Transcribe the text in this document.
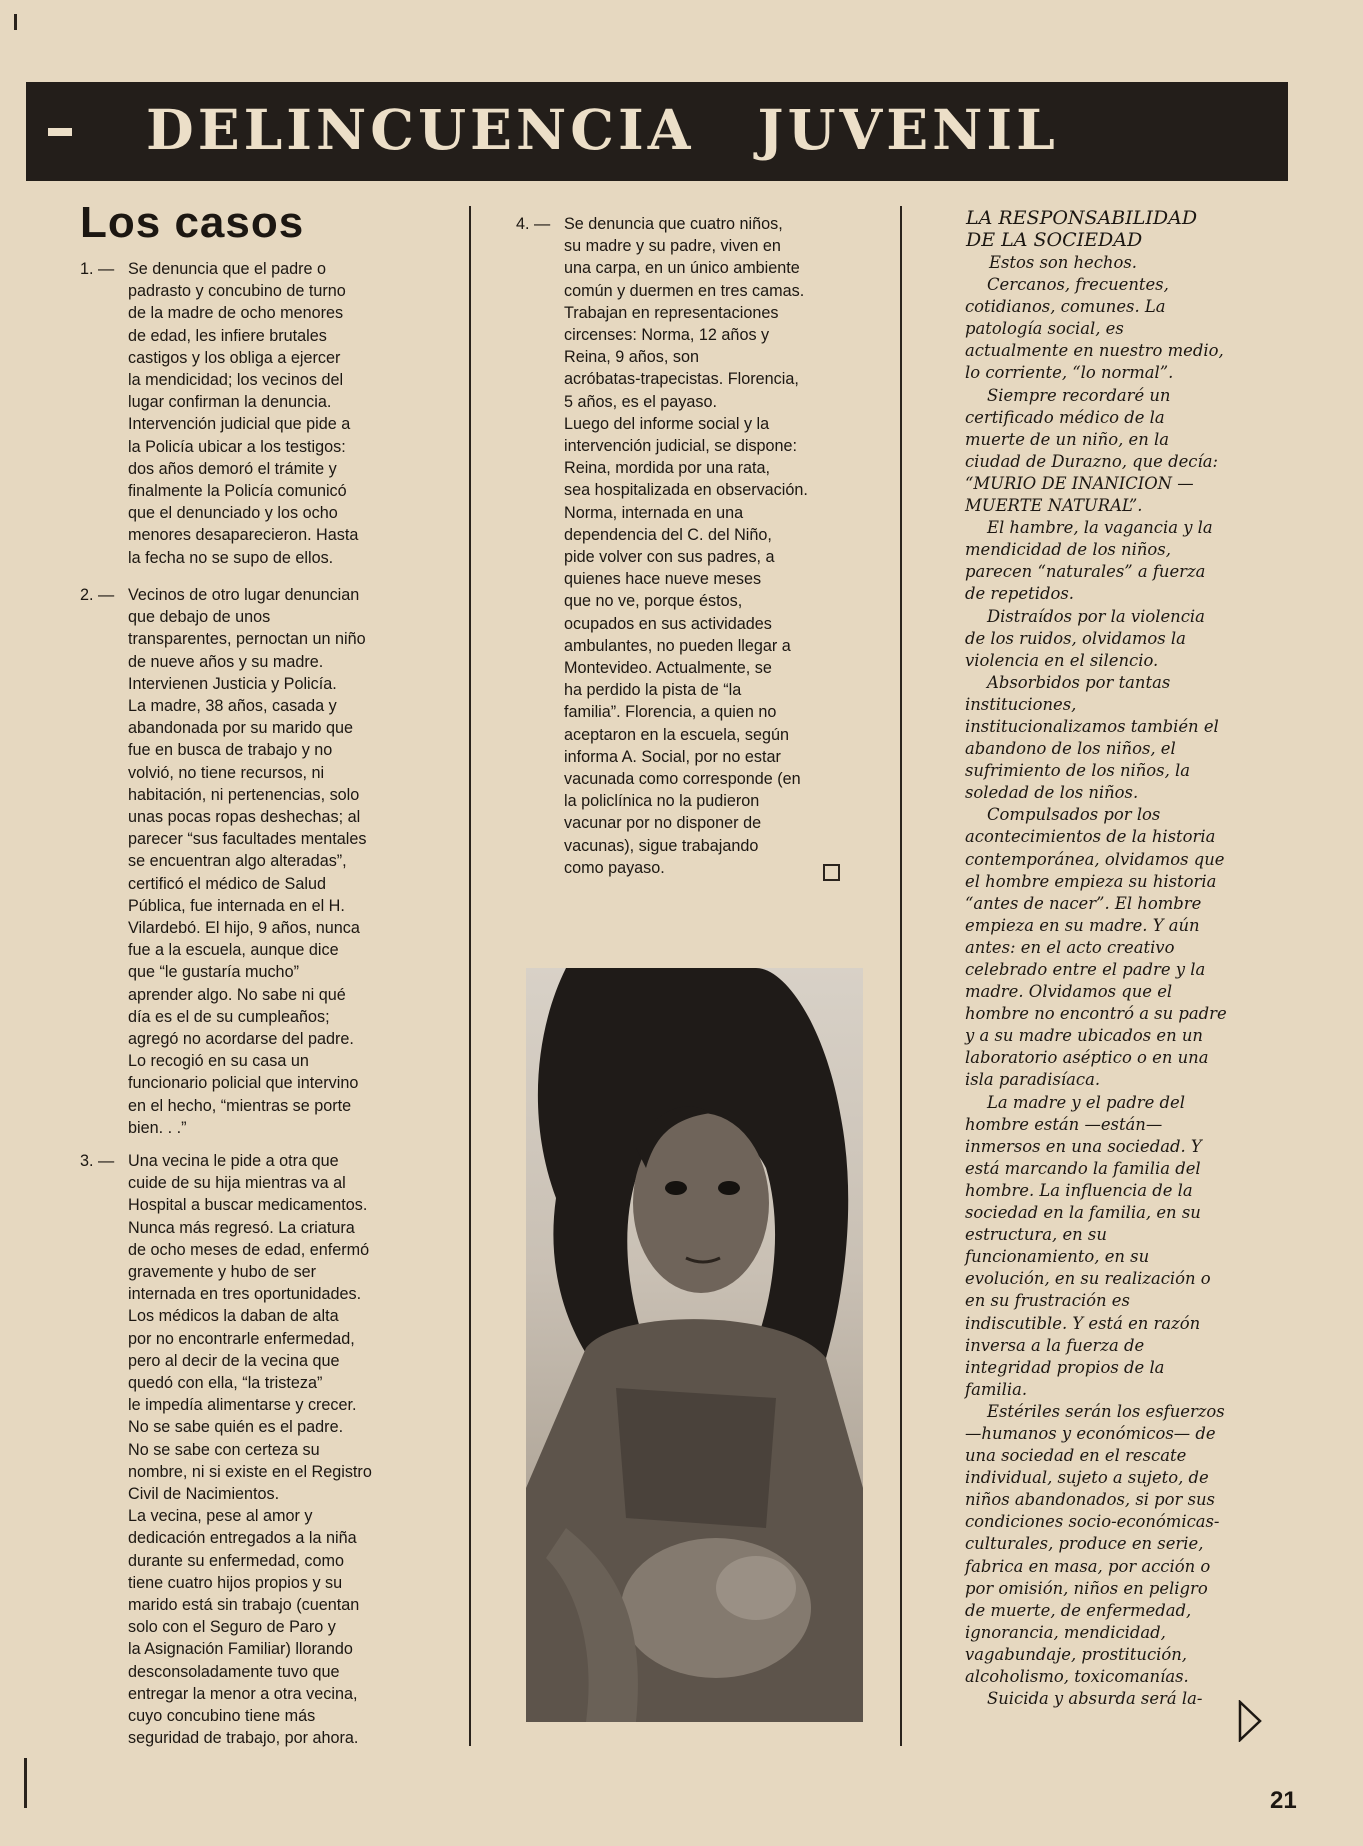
DELINCUENCIA JUVENIL
Los casos
1. — Se denuncia que el padre o
padrasto y concubino de turno
de la madre de ocho menores
de edad, les infiere brutales
castigos y los obliga a ejercer
la mendicidad; los vecinos del
lugar confirman la denuncia.
Intervención judicial que pide a
la Policía ubicar a los testigos:
dos años demoró el trámite y
finalmente la Policía comunicó
que el denunciado y los ocho
menores desaparecieron. Hasta
la fecha no se supo de ellos.
2. — Vecinos de otro lugar denuncian
que debajo de unos
transparentes, pernoctan un niño
de nueve años y su madre.
Intervienen Justicia y Policía.
La madre, 38 años, casada y
abandonada por su marido que
fue en busca de trabajo y no
volvió, no tiene recursos, ni
habitación, ni pertenencias, solo
unas pocas ropas deshechas; al
parecer “sus facultades mentales
se encuentran algo alteradas”,
certificó el médico de Salud
Pública, fue internada en el H.
Vilardebó. El hijo, 9 años, nunca
fue a la escuela, aunque dice
que “le gustaría mucho”
aprender algo. No sabe ni qué
día es el de su cumpleaños;
agregó no acordarse del padre.
Lo recogió en su casa un
funcionario policial que intervino
en el hecho, “mientras se porte
bien. . .”
3. — Una vecina le pide a otra que
cuide de su hija mientras va al
Hospital a buscar medicamentos.
Nunca más regresó. La criatura
de ocho meses de edad, enfermó
gravemente y hubo de ser
internada en tres oportunidades.
Los médicos la daban de alta
por no encontrarle enfermedad,
pero al decir de la vecina que
quedó con ella, “la tristeza”
le impedía alimentarse y crecer.
No se sabe quién es el padre.
No se sabe con certeza su
nombre, ni si existe en el Registro
Civil de Nacimientos.
La vecina, pese al amor y
dedicación entregados a la niña
durante su enfermedad, como
tiene cuatro hijos propios y su
marido está sin trabajo (cuentan
solo con el Seguro de Paro y
la Asignación Familiar) llorando
desconsoladamente tuvo que
entregar la menor a otra vecina,
cuyo concubino tiene más
seguridad de trabajo, por ahora.
4. — Se denuncia que cuatro niños,
su madre y su padre, viven en
una carpa, en un único ambiente
común y duermen en tres camas.
Trabajan en representaciones
circenses: Norma, 12 años y
Reina, 9 años, son
acróbatas-trapecistas. Florencia,
5 años, es el payaso.
Luego del informe social y la
intervención judicial, se dispone:
Reina, mordida por una rata,
sea hospitalizada en observación.
Norma, internada en una
dependencia del C. del Niño,
pide volver con sus padres, a
quienes hace nueve meses
que no ve, porque éstos,
ocupados en sus actividades
ambulantes, no pueden llegar a
Montevideo. Actualmente, se
ha perdido la pista de “la
familia”. Florencia, a quien no
aceptaron en la escuela, según
informa A. Social, por no estar
vacunada como corresponde (en
la policlínica no la pudieron
vacunar por no disponer de
vacunas), sigue trabajando
como payaso.
LA RESPONSABILIDAD
DE LA SOCIEDAD

Estos son hechos.

Cercanos, frecuentes, cotidianos, comunes. La patología social, es actualmente en nuestro medio, lo corriente, “lo normal”.

Siempre recordaré un certificado médico de la muerte de un niño, en la ciudad de Durazno, que decía: “MURIO DE INANICION — MUERTE NATURAL”.

El hambre, la vagancia y la mendicidad de los niños, parecen “naturales” a fuerza de repetidos.

Distraídos por la violencia de los ruidos, olvidamos la violencia en el silencio.

Absorbidos por tantas instituciones, institucionalizamos también el abandono de los niños, el sufrimiento de los niños, la soledad de los niños.

Compulsados por los acontecimientos de la historia contemporánea, olvidamos que el hombre empieza su historia “antes de nacer”. El hombre empieza en su madre. Y aún antes: en el acto creativo celebrado entre el padre y la madre. Olvidamos que el hombre no encontró a su padre y a su madre ubicados en un laboratorio aséptico o en una isla paradisíaca.

La madre y el padre del hombre están —están— inmersos en una sociedad. Y está marcando la familia del hombre. La influencia de la sociedad en la familia, en su estructura, en su funcionamiento, en su evolución, en su realización o en su frustración es indiscutible. Y está en razón inversa a la fuerza de integridad propios de la familia.

Estériles serán los esfuerzos —humanos y económicos— de una sociedad en el rescate individual, sujeto a sujeto, de niños abandonados, si por sus condiciones socio-económicas-culturales, produce en serie, fabrica en masa, por acción o por omisión, niños en peligro de muerte, de enfermedad, ignorancia, mendicidad, vagabundaje, prostitución, alcoholismo, toxicomanías.

Suicida y absurda será la-

21
